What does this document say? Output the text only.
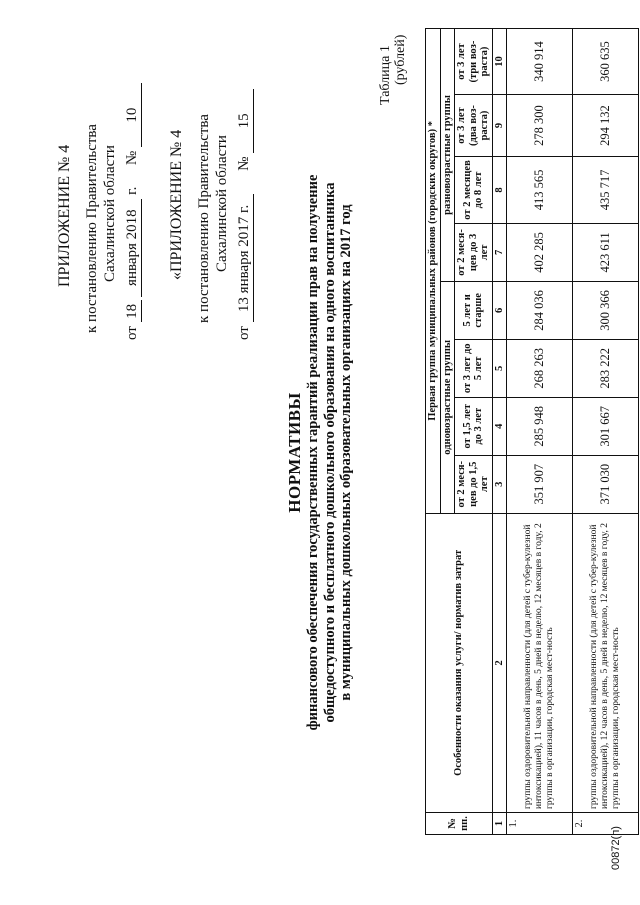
ПРИЛОЖЕНИЕ № 4 к постановлению Правительства Сахалинской области
от 18 января 2018 г.  № 10
«ПРИЛОЖЕНИЕ № 4 к постановлению Правительства Сахалинской области
от 13 января 2017 г.  № 15
НОРМАТИВЫ финансового обеспечения государственных гарантий реализации прав на получение общедоступного и бесплатного дошкольного образования на одного воспитанника в муниципальных дошкольных образовательных организациях на 2017 год
Таблица 1 (рублей)
№ пп.	Особенности оказания услуги/ норматив затрат	Первая группа муниципальных районов (городских округов) *							
		одновозрастные группы				разновозрастные группы			
		от 2 меся-цев до 1,5 лет	от 1,5 лет до 3 лет	от 3 лет до 5 лет	5 лет и старше	от 2 меся-цев до 3 лет	от 2 месяцев до 8 лет	от 3 лет (два воз-раста)	от 3 лет (три воз-раста)
1	2	3	4	5	6	7	8	9	10
1.	группы оздоровительной направленности (для детей с тубер-кулезной интоксикацией), 11 часов в день, 5 дней в неделю, 12 месяцев в году, 2 группы в организации, городская мест-ность	351 907	285 948	268 263	284 036	402 285	413 565	278 300	340 914
2.	группы оздоровительной направленности (для детей с тубер-кулезной интоксикацией), 12 часов в день, 5 дней в неделю, 12 месяцев в году, 2 группы в организации, городская мест-ность	371 030	301 667	283 222	300 366	423 611	435 717	294 132	360 635
00872(п)
